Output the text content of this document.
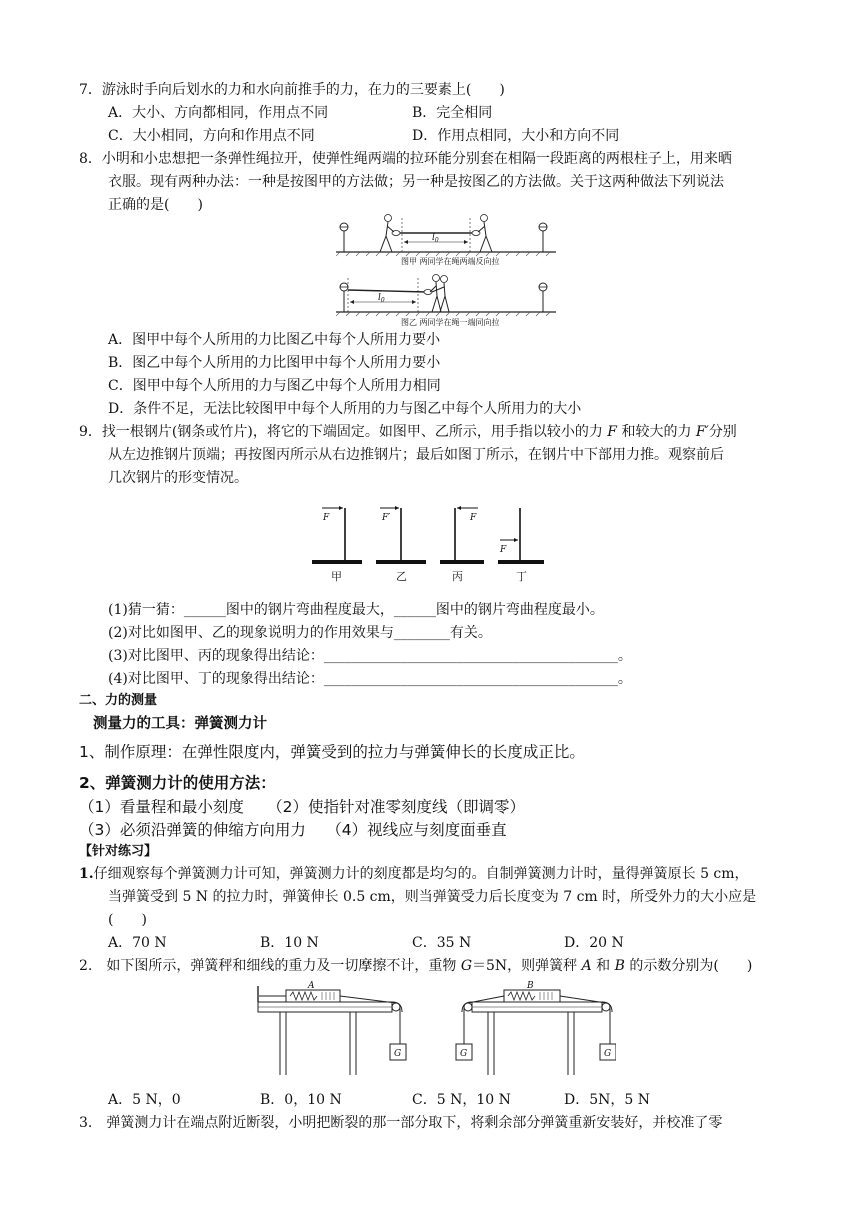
7．游泳时手向后划水的力和水向前推手的力，在力的三要素上(　　)
A．大小、方向都相同，作用点不同	B．完全相同
C．大小相同，方向和作用点不同	D．作用点相同，大小和方向不同
8．小明和小忠想把一条弹性绳拉开，使弹性绳两端的拉环能分别套在相隔一段距离的两根柱子上，用来晒
衣服。现有两种办法：一种是按图甲的方法做；另一种是按图乙的方法做。关于这两种做法下列说法
正确的是(　　)
$l_0$
图甲 两同学在绳两端反向拉
$l_0$
图乙 两同学在绳一端同向拉
A．图甲中每个人所用的力比图乙中每个人所用力要小
B．图乙中每个人所用的力比图甲中每个人所用力要小
C．图甲中每个人所用的力与图乙中每个人所用力相同
D．条件不足，无法比较图甲中每个人所用的力与图乙中每个人所用力的大小
9．找一根钢片(钢条或竹片)，将它的下端固定。如图甲、乙所示，用手指以较小的力 F 和较大的力 F′分别
从左边推钢片顶端；再按图丙所示从右边推钢片；最后如图丁所示，在钢片中下部用力推。观察前后
几次钢片的形变情况。
F
甲
F′
乙
F
丙
F
丁
(1)猜一猜：______图中的钢片弯曲程度最大，______图中的钢片弯曲程度最小。
(2)对比如图甲、乙的现象说明力的作用效果与________有关。
(3)对比图甲、丙的现象得出结论：__________________________________________。
(4)对比图甲、丁的现象得出结论：__________________________________________。
二、力的测量
测量力的工具：弹簧测力计
1、制作原理：在弹性限度内，弹簧受到的拉力与弹簧伸长的长度成正比。
2、弹簧测力计的使用方法：
（1）看量程和最小刻度　　（2）使指针对准零刻度线（即调零）
（3）必须沿弹簧的伸缩方向用力　 （4）视线应与刻度面垂直
【针对练习】
1.仔细观察每个弹簧测力计可知，弹簧测力计的刻度都是均匀的。自制弹簧测力计时，量得弹簧原长 5 cm，
当弹簧受到 5 N 的拉力时，弹簧伸长 0.5 cm，则当弹簧受力后长度变为 7 cm 时，所受外力的大小应是
(　　)
A．70 N	B．10 N	C．35 N	D．20 N
2.　如下图所示，弹簧秤和细线的重力及一切摩擦不计，重物 G＝5N，则弹簧秤 A 和 B 的示数分别为(　　)
G
A
G	G
B
A．5 N，0	B．0，10 N	C．5 N，10 N	D．5N，5 N
3.　弹簧测力计在端点附近断裂，小明把断裂的那一部分取下，将剩余部分弹簧重新安装好，并校准了零
